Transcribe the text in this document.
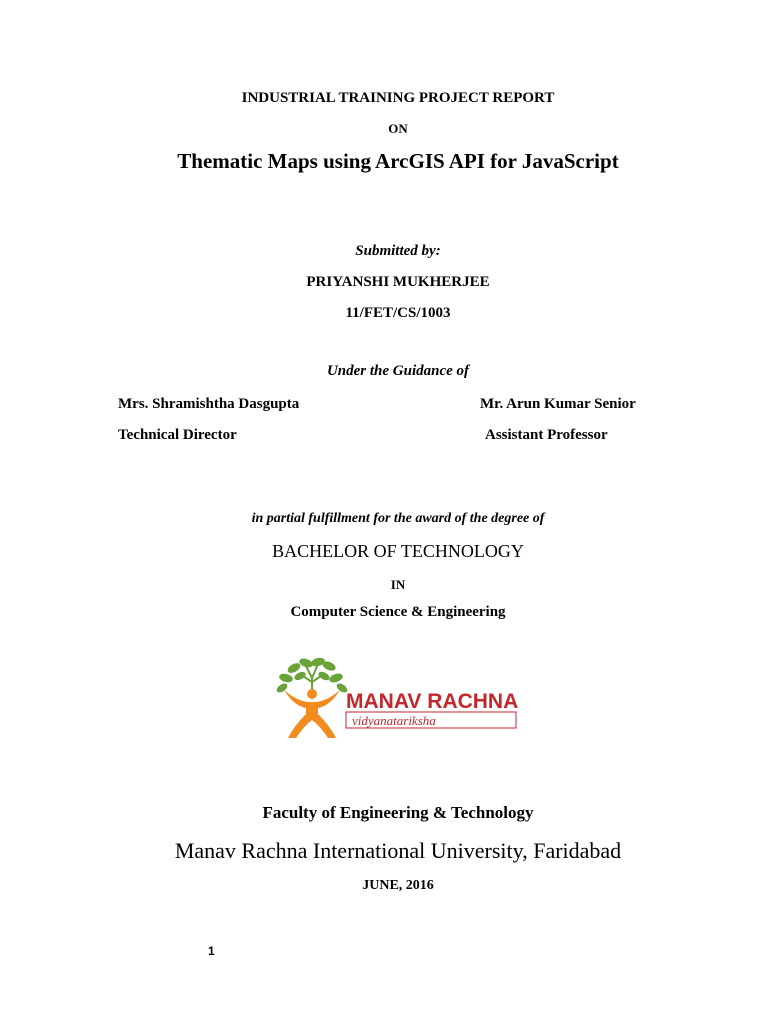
INDUSTRIAL TRAINING PROJECT REPORT
ON
Thematic Maps using ArcGIS API for JavaScript
Submitted by:
PRIYANSHI MUKHERJEE
11/FET/CS/1003
Under the Guidance of
Mrs. Shramishtha Dasgupta
Technical Director
Mr. Arun Kumar Senior
Assistant Professor
in partial fulfillment for the award of the degree of
BACHELOR OF TECHNOLOGY
IN
Computer Science & Engineering
MANAV RACHNA
vidyanatariksha
Faculty of Engineering & Technology
Manav Rachna International University, Faridabad
JUNE, 2016
1
